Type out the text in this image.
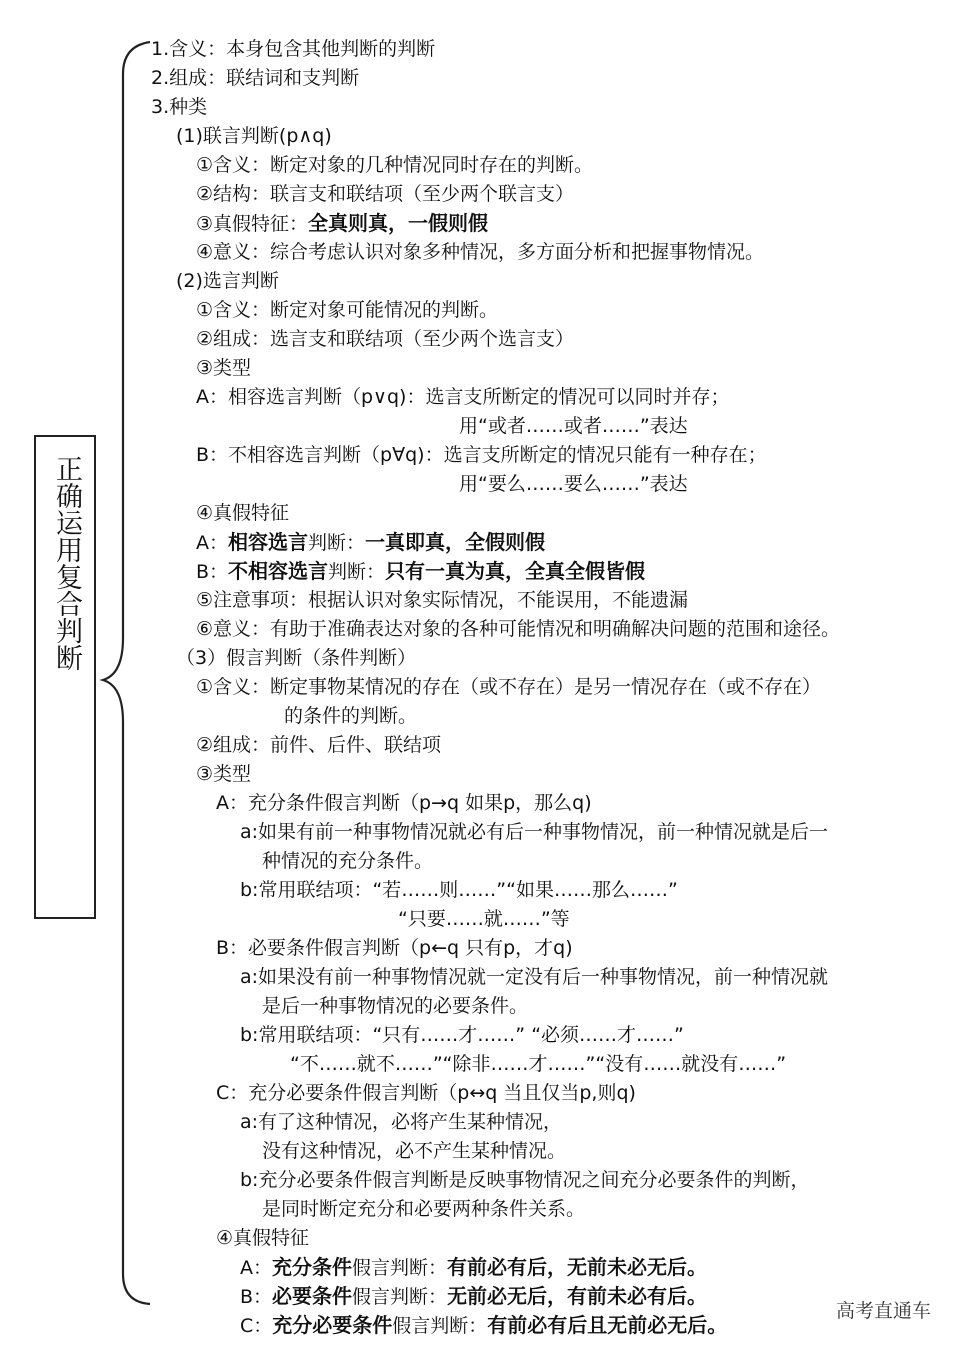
正确运用复合判断
1.含义：本身包含其他判断的判断
2.组成：联结词和支判断
3.种类
(1)联言判断(p∧q)
①含义：断定对象的几种情况同时存在的判断。
②结构：联言支和联结项（至少两个联言支）
③真假特征：全真则真，一假则假
④意义：综合考虑认识对象多种情况，多方面分析和把握事物情况。
(2)选言判断
①含义：断定对象可能情况的判断。
②组成：选言支和联结项（至少两个选言支）
③类型
A：相容选言判断（p∨q)：选言支所断定的情况可以同时并存；
用“或者……或者……”表达
B：不相容选言判断（p∀q)：选言支所断定的情况只能有一种存在；
用“要么……要么……”表达
④真假特征
A：相容选言判断：一真即真，全假则假
B：不相容选言判断：只有一真为真，全真全假皆假
⑤注意事项：根据认识对象实际情况，不能误用，不能遗漏
⑥意义：有助于准确表达对象的各种可能情况和明确解决问题的范围和途径。
（3）假言判断（条件判断）
①含义：断定事物某情况的存在（或不存在）是另一情况存在（或不存在）
的条件的判断。
②组成：前件、后件、联结项
③类型
A：充分条件假言判断（p→q 如果p，那么q)
a:如果有前一种事物情况就必有后一种事物情况，前一种情况就是后一
种情况的充分条件。
b:常用联结项：“若……则……”“如果……那么……”
“只要……就……”等
B：必要条件假言判断（p←q 只有p，才q)
a:如果没有前一种事物情况就一定没有后一种事物情况，前一种情况就
是后一种事物情况的必要条件。
b:常用联结项：“只有……才……” “必须……才……”
“不……就不……”“除非……才……”“没有……就没有……”
C：充分必要条件假言判断（p↔q 当且仅当p,则q)
a:有了这种情况，必将产生某种情况，
没有这种情况，必不产生某种情况。
b:充分必要条件假言判断是反映事物情况之间充分必要条件的判断，
是同时断定充分和必要两种条件关系。
④真假特征
A：充分条件假言判断：有前必有后，无前未必无后。
B：必要条件假言判断：无前必无后，有前未必有后。
C：充分必要条件假言判断：有前必有后且无前必无后。
高考直通车
